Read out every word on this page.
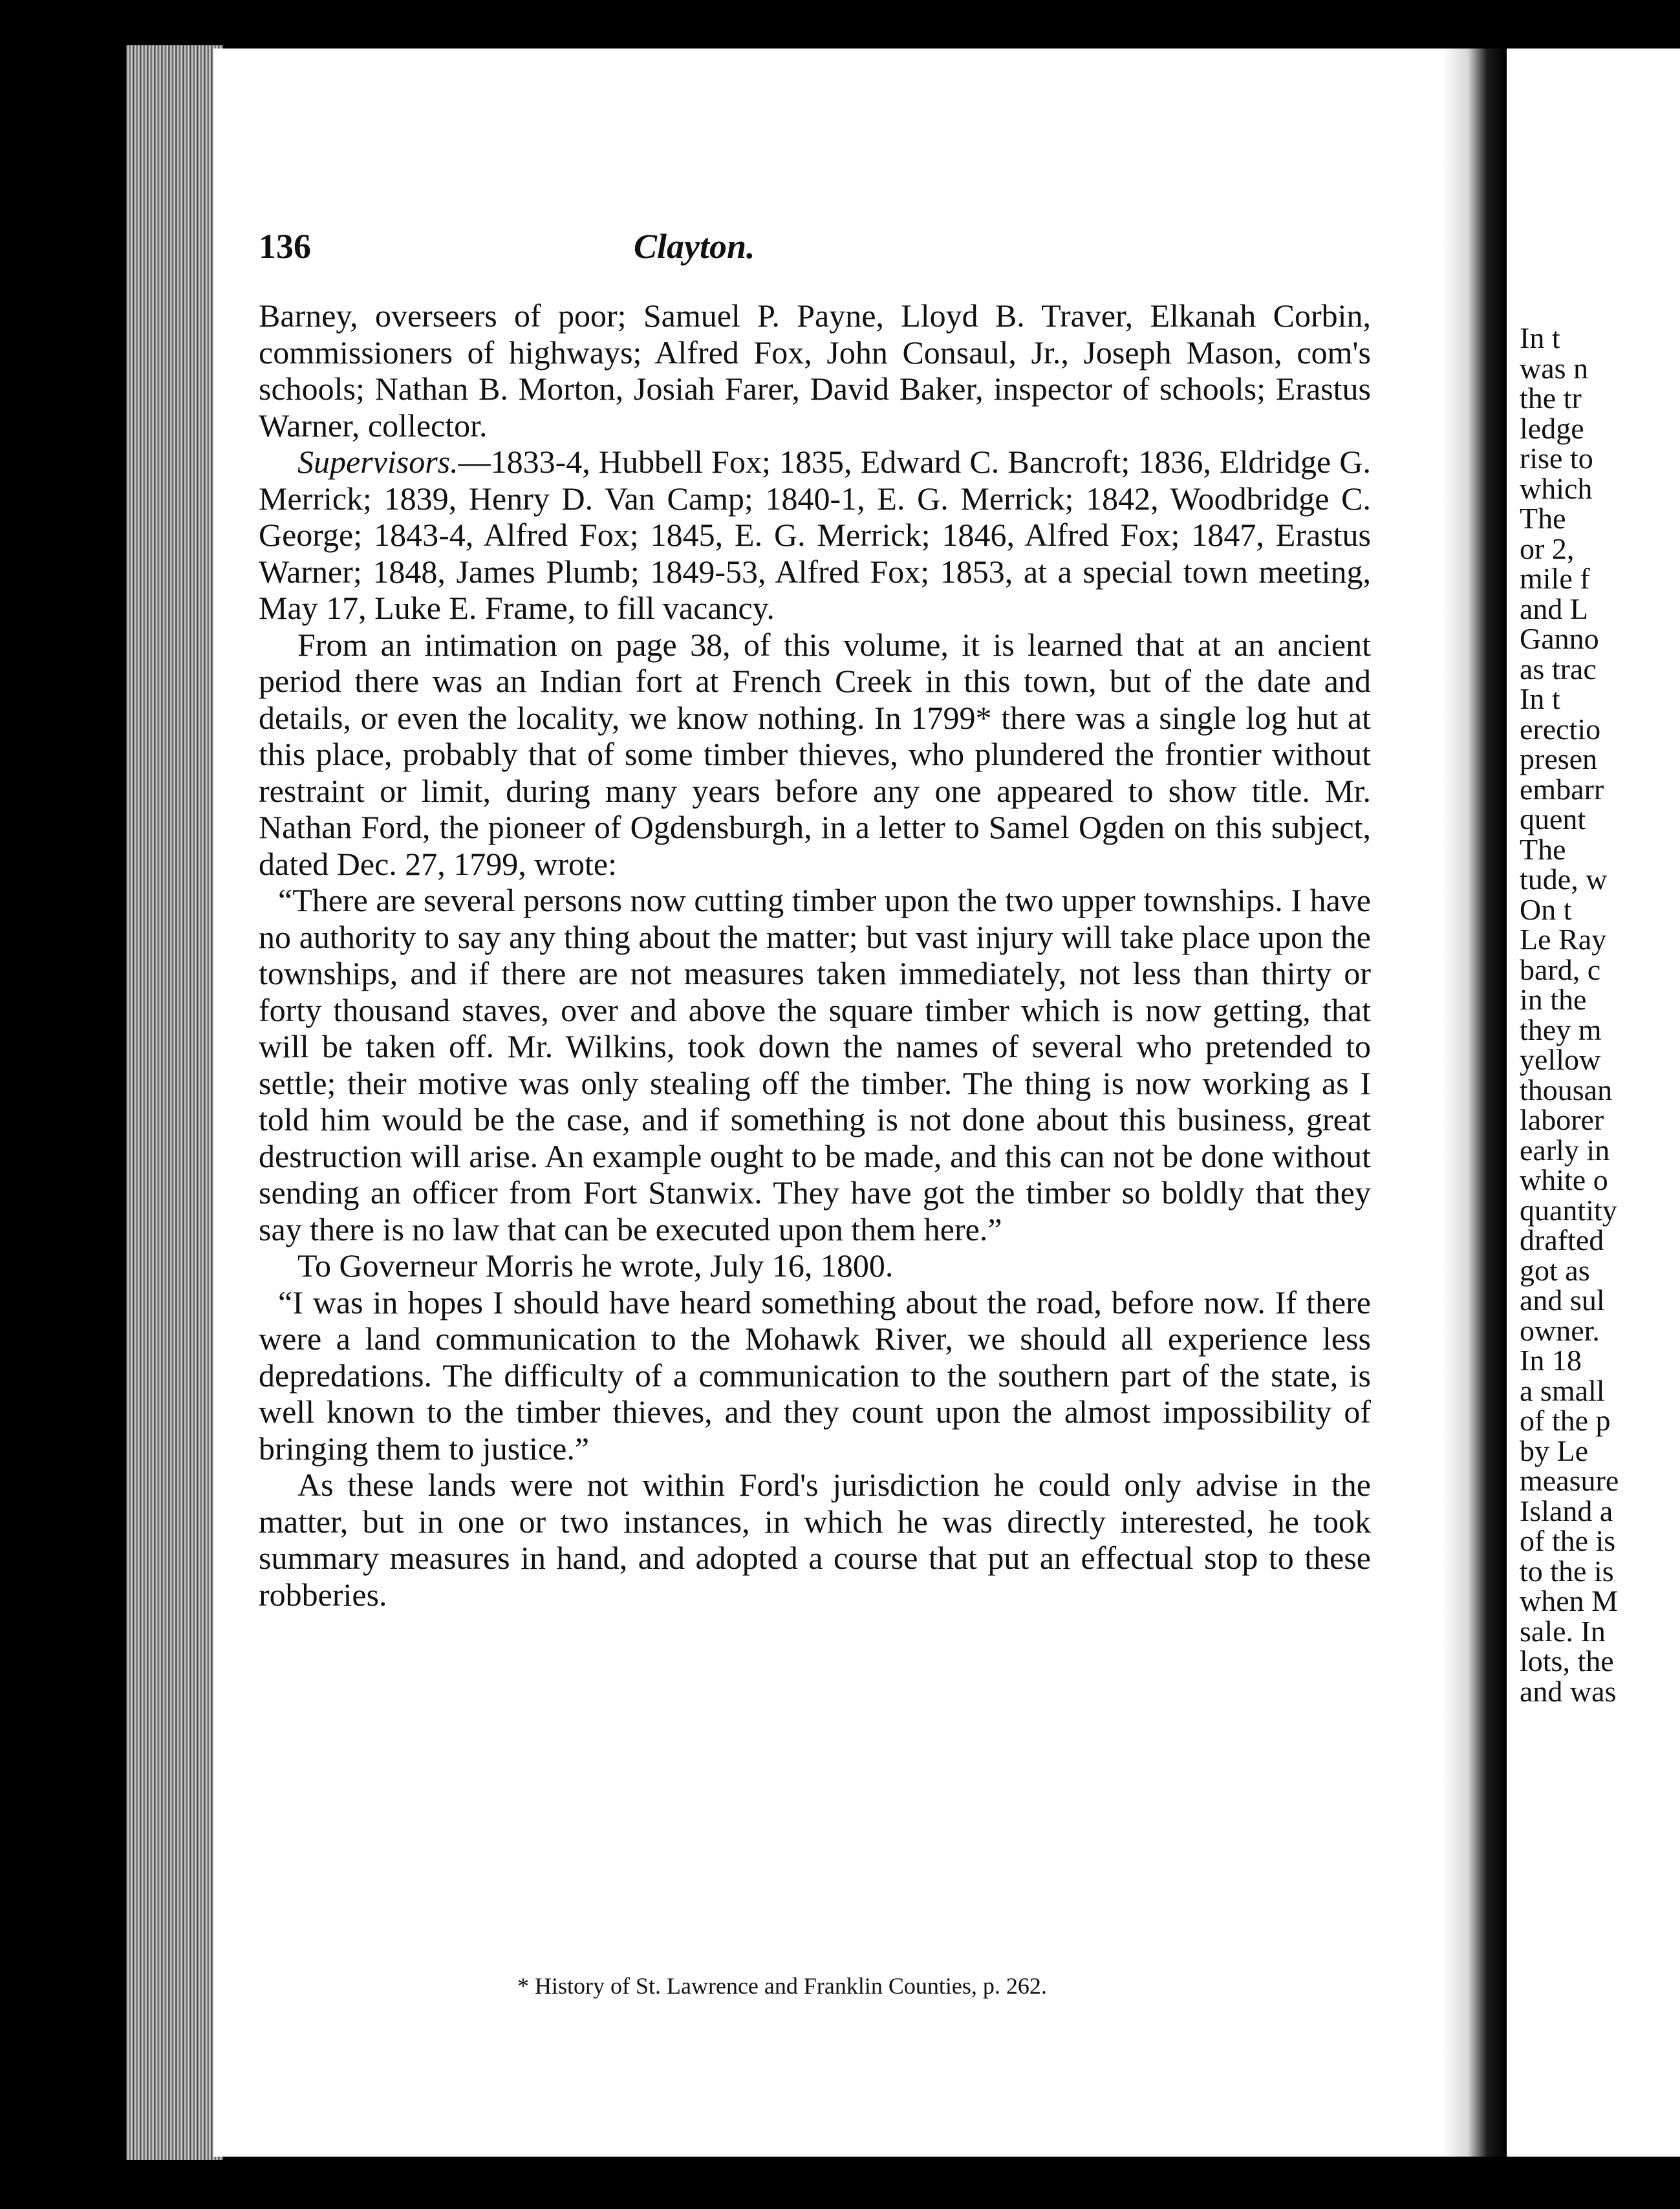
136	Clayton.

Barney, overseers of poor; Samuel P. Payne, Lloyd B. Traver, Elkanah Corbin, commissioners of highways; Alfred Fox, John Consaul, Jr., Joseph Mason, com's schools; Nathan B. Morton, Josiah Farer, David Baker, inspector of schools; Erastus Warner, collector.

Supervisors.—1833-4, Hubbell Fox; 1835, Edward C. Bancroft; 1836, Eldridge G. Merrick; 1839, Henry D. Van Camp; 1840-1, E. G. Merrick; 1842, Woodbridge C. George; 1843-4, Alfred Fox; 1845, E. G. Merrick; 1846, Alfred Fox; 1847, Erastus Warner; 1848, James Plumb; 1849-53, Alfred Fox; 1853, at a special town meeting, May 17, Luke E. Frame, to fill vacancy.

From an intimation on page 38, of this volume, it is learned that at an ancient period there was an Indian fort at French Creek in this town, but of the date and details, or even the locality, we know nothing. In 1799* there was a single log hut at this place, probably that of some timber thieves, who plundered the frontier without restraint or limit, during many years before any one appeared to show title. Mr. Nathan Ford, the pioneer of Ogdensburgh, in a letter to Samel Ogden on this subject, dated Dec. 27, 1799, wrote:

“There are several persons now cutting timber upon the two upper townships. I have no authority to say any thing about the matter; but vast injury will take place upon the townships, and if there are not measures taken immediately, not less than thirty or forty thousand staves, over and above the square timber which is now getting, that will be taken off. Mr. Wilkins, took down the names of several who pretended to settle; their motive was only stealing off the timber. The thing is now working as I told him would be the case, and if something is not done about this business, great destruction will arise. An example ought to be made, and this can not be done without sending an officer from Fort Stanwix. They have got the timber so boldly that they say there is no law that can be executed upon them here.”

To Governeur Morris he wrote, July 16, 1800.

“I was in hopes I should have heard something about the road, before now. If there were a land communication to the Mohawk River, we should all experience less depredations. The difficulty of a communication to the southern part of the state, is well known to the timber thieves, and they count upon the almost impossibility of bringing them to justice.”

As these lands were not within Ford's jurisdiction he could only advise in the matter, but in one or two instances, in which he was directly interested, he took summary measures in hand, and adopted a course that put an effectual stop to these robberies.

* History of St. Lawrence and Franklin Counties, p. 262.
In t
was n
the tr
ledge
rise to
which
The
or 2,
mile f
and L
Ganno
as trac
In t
erectio
presen
embarr
quent
The
tude, w
On t
Le Ray
bard, c
in the
they m
yellow
thousan
laborer
early in
white o
quantity
drafted
got as
and sul
owner.
In 18
a small
of the p
by Le
measure
Island a
of the is
to the is
when M
sale. In
lots, the
and was
